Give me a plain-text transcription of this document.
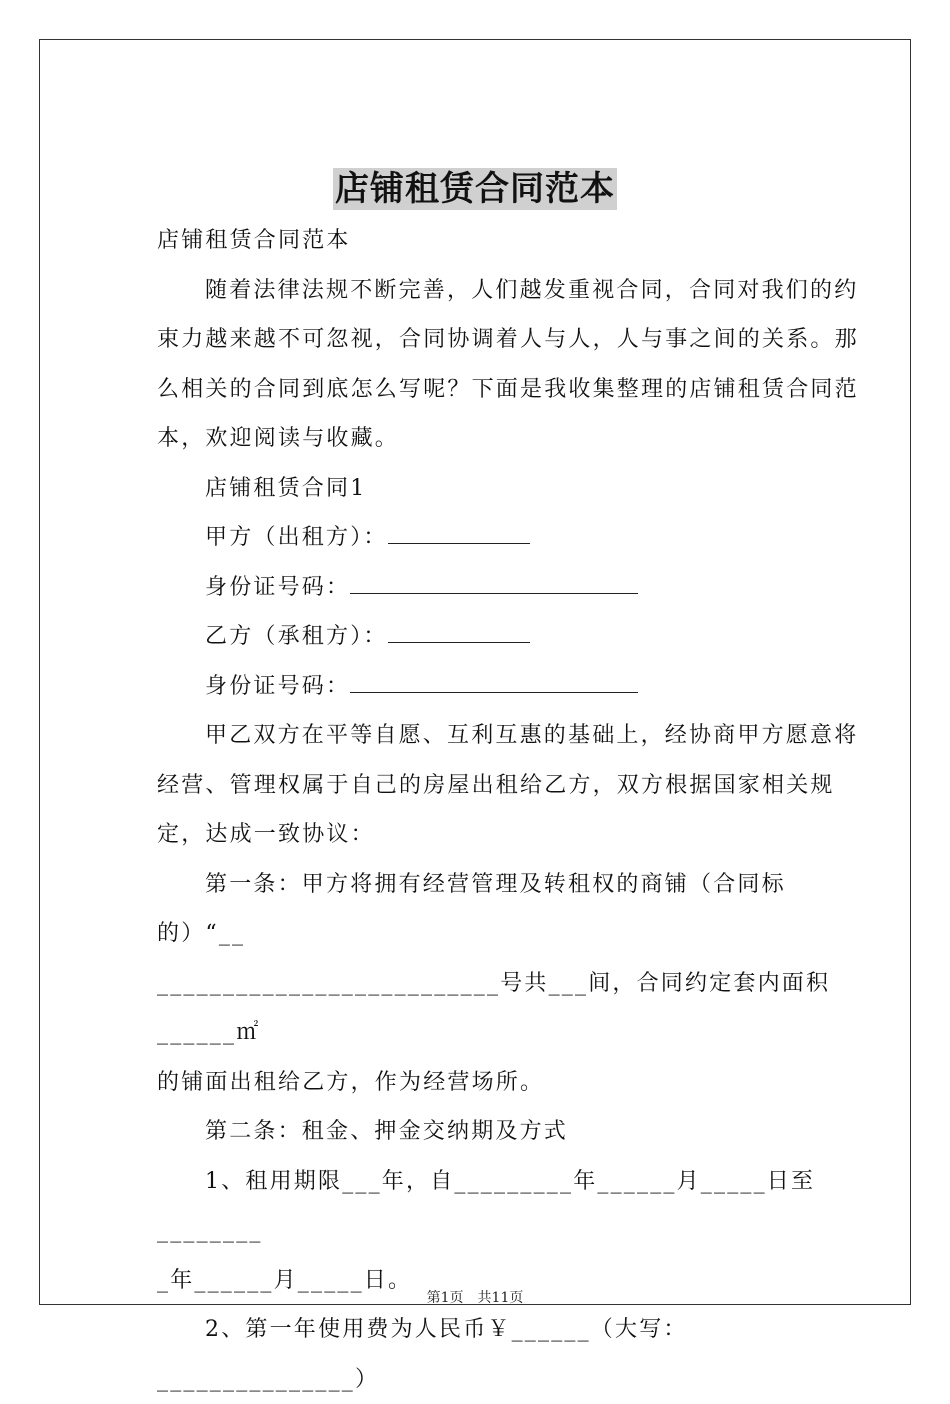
店铺租赁合同范本

店铺租赁合同范本

随着法律法规不断完善，人们越发重视合同，合同对我们的约束力越来越不可忽视，合同协调着人与人，人与事之间的关系。那么相关的合同到底怎么写呢？下面是我收集整理的店铺租赁合同范本，欢迎阅读与收藏。

店铺租赁合同1

甲方（出租方）：

身份证号码：

乙方（承租方）：

身份证号码：

甲乙双方在平等自愿、互利互惠的基础上，经协商甲方愿意将经营、管理权属于自己的房屋出租给乙方，双方根据国家相关规定，达成一致协议：

第一条：甲方将拥有经营管理及转租权的商铺（合同标的）“__

__________________________号共___间，合同约定套内面积______㎡

的铺面出租给乙方，作为经营场所。

第二条：租金、押金交纳期及方式

1、租用期限___年，自_________年______月_____日至________

_年______月_____日。

2、第一年使用费为人民币￥______（大写：_______________）

第1页　共11页
